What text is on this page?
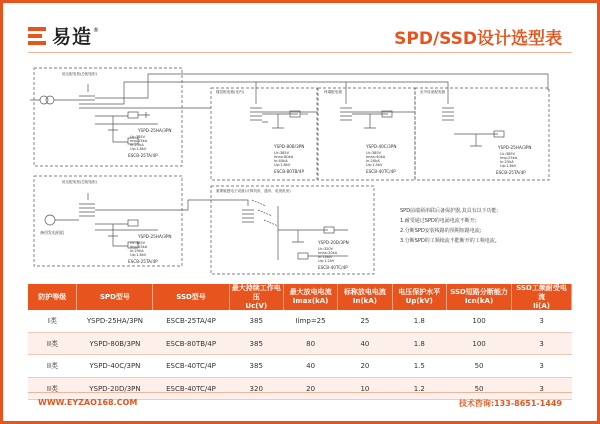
易造 ®	SPD/SSD设计选型表
低压配电柜(总配电柜)
YSPD-25HA/3PN
Uc:385V
Imp:25kA
In:25kA
Up:1.8kV
ESCB-25TA/4P
楼层配电箱(室内)
YSPD-80B/3PN
Uc:385V
Imax:80kA
In:40kA
Up:1.8kV
ESCB-80TB/4P
终端配电箱
YSPD-40C/3PN
Uc:385V
Imax:40kA
In:20kA
Up:1.5kV
ESCB-40TC/4P
室外设备配电箱
YSPD-25HA/3PN
Uc:385V
Imp:25kA
In:25kA
Up:1.8kV
ESCB-25TA/4P
低压配电柜(总配电柜)
YSPD-25HA/3PN
Uc:385V
Imp:25kA
In:25kA
Up:1.8kV
ESCB-25TA/4P
重要敏感电子设备(计算机房、通讯、电视机房)
YSPD-20D/3PN
Uc:320V
Imax:20kA
In:10kA
Up:1.2kV
ESCB-40TC/4P
备用发电机组
SPD前端须串联后备保护器,其具有以下功能:
1.耐受通过SPD的电涌电流不断开;
2.分断SPD安装线路的预期短路电流;
3.分断SPD的工频续流不能断开的工频电流。
防护等级	SPD型号	SSD型号	最大持续工作电压
Uc(V)	最大放电电流
Imax(kA)	标称放电电流
In(kA)	电压保护水平
Up(kV)	SSD短路分断能力
Icn(kA)	SSD工频耐受电流
Ii(A)
I类	YSPD-25HA/3PN	ESCB-25TA/4P	385	Iimp=25	25	1.8	100	3
II类	YSPD-80B/3PN	ESCB-80TB/4P	385	80	40	1.8	100	3
II类	YSPD-40C/3PN	ESCB-40TC/4P	385	40	20	1.5	50	3
II类	YSPD-20D/3PN	ESCB-40TC/4P	320	20	10	1.2	50	3
WWW.EYZAO168.COM	技术咨询:133-8651-1449
